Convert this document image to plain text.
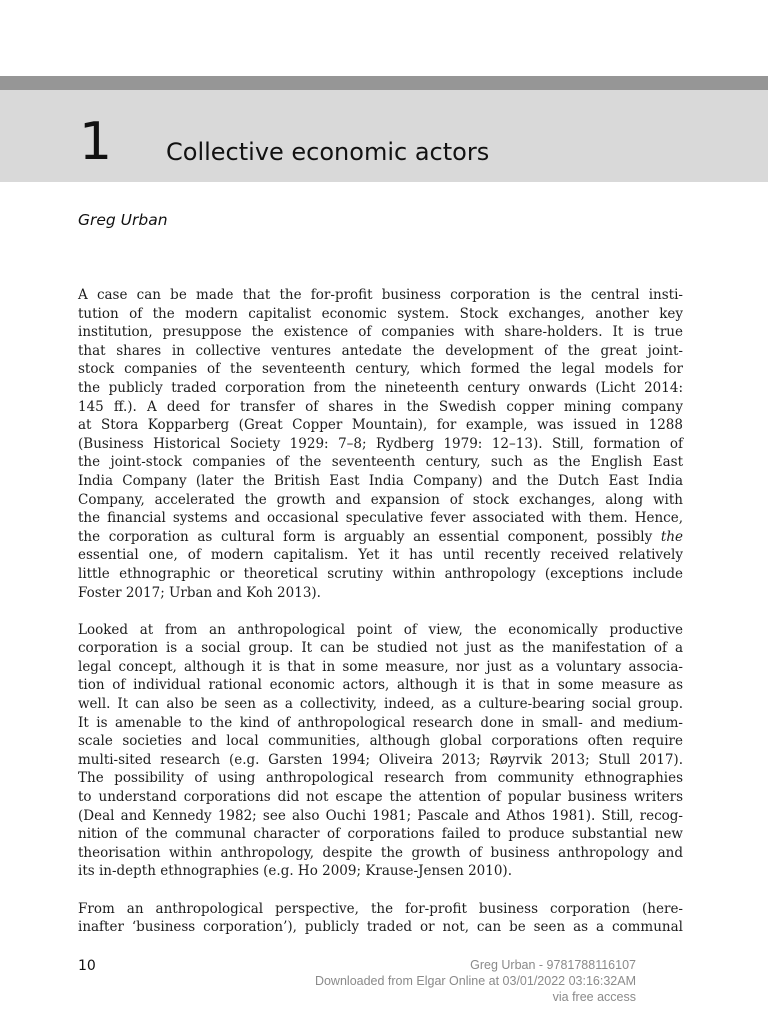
1 Collective economic actors
Greg Urban
A case can be made that the for-profit business corporation is the central insti-
tution of the modern capitalist economic system. Stock exchanges, another key
institution, presuppose the existence of companies with share-holders. It is true
that shares in collective ventures antedate the development of the great joint-
stock companies of the seventeenth century, which formed the legal models for
the publicly traded corporation from the nineteenth century onwards (Licht 2014:
145 ff.). A deed for transfer of shares in the Swedish copper mining company
at Stora Kopparberg (Great Copper Mountain), for example, was issued in 1288
(Business Historical Society 1929: 7–8; Rydberg 1979: 12–13). Still, formation of
the joint-stock companies of the seventeenth century, such as the English East
India Company (later the British East India Company) and the Dutch East India
Company, accelerated the growth and expansion of stock exchanges, along with
the financial systems and occasional speculative fever associated with them. Hence,
the corporation as cultural form is arguably an essential component, possibly the
essential one, of modern capitalism. Yet it has until recently received relatively
little ethnographic or theoretical scrutiny within anthropology (exceptions include
Foster 2017; Urban and Koh 2013).
Looked at from an anthropological point of view, the economically productive
corporation is a social group. It can be studied not just as the manifestation of a
legal concept, although it is that in some measure, nor just as a voluntary associa-
tion of individual rational economic actors, although it is that in some measure as
well. It can also be seen as a collectivity, indeed, as a culture-bearing social group.
It is amenable to the kind of anthropological research done in small- and medium-
scale societies and local communities, although global corporations often require
multi-sited research (e.g. Garsten 1994; Oliveira 2013; Røyrvik 2013; Stull 2017).
The possibility of using anthropological research from community ethnographies
to understand corporations did not escape the attention of popular business writers
(Deal and Kennedy 1982; see also Ouchi 1981; Pascale and Athos 1981). Still, recog-
nition of the communal character of corporations failed to produce substantial new
theorisation within anthropology, despite the growth of business anthropology and
its in-depth ethnographies (e.g. Ho 2009; Krause-Jensen 2010).
From an anthropological perspective, the for-profit business corporation (here-
inafter ‘business corporation’), publicly traded or not, can be seen as a communal
10	Greg Urban - 9781788116107
Downloaded from Elgar Online at 03/01/2022 03:16:32AM
via free access
